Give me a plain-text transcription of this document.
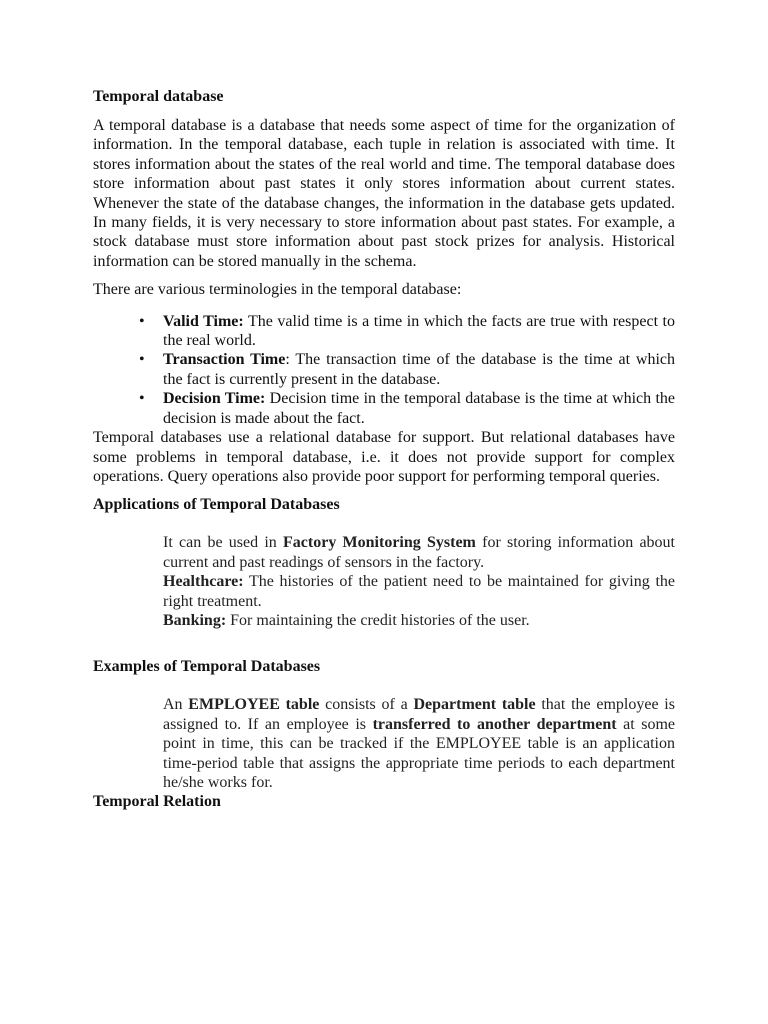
Temporal database

A temporal database is a database that needs some aspect of time for the organization of information. In the temporal database, each tuple in relation is associated with time. It stores information about the states of the real world and time. The temporal database does store information about past states it only stores information about current states. Whenever the state of the database changes, the information in the database gets updated. In many fields, it is very necessary to store information about past states. For example, a stock database must store information about past stock prizes for analysis. Historical information can be stored manually in the schema.

There are various terminologies in the temporal database:

• Valid Time: The valid time is a time in which the facts are true with respect to the real world.
• Transaction Time: The transaction time of the database is the time at which the fact is currently present in the database.
• Decision Time: Decision time in the temporal database is the time at which the decision is made about the fact.

Temporal databases use a relational database for support. But relational databases have some problems in temporal database, i.e. it does not provide support for complex operations. Query operations also provide poor support for performing temporal queries.

Applications of Temporal Databases

It can be used in Factory Monitoring System for storing information about current and past readings of sensors in the factory.

Healthcare: The histories of the patient need to be maintained for giving the right treatment.

Banking: For maintaining the credit histories of the user.

Examples of Temporal Databases

An EMPLOYEE table consists of a Department table that the employee is assigned to. If an employee is transferred to another department at some point in time, this can be tracked if the EMPLOYEE table is an application time-period table that assigns the appropriate time periods to each department he/she works for.

Temporal Relation
